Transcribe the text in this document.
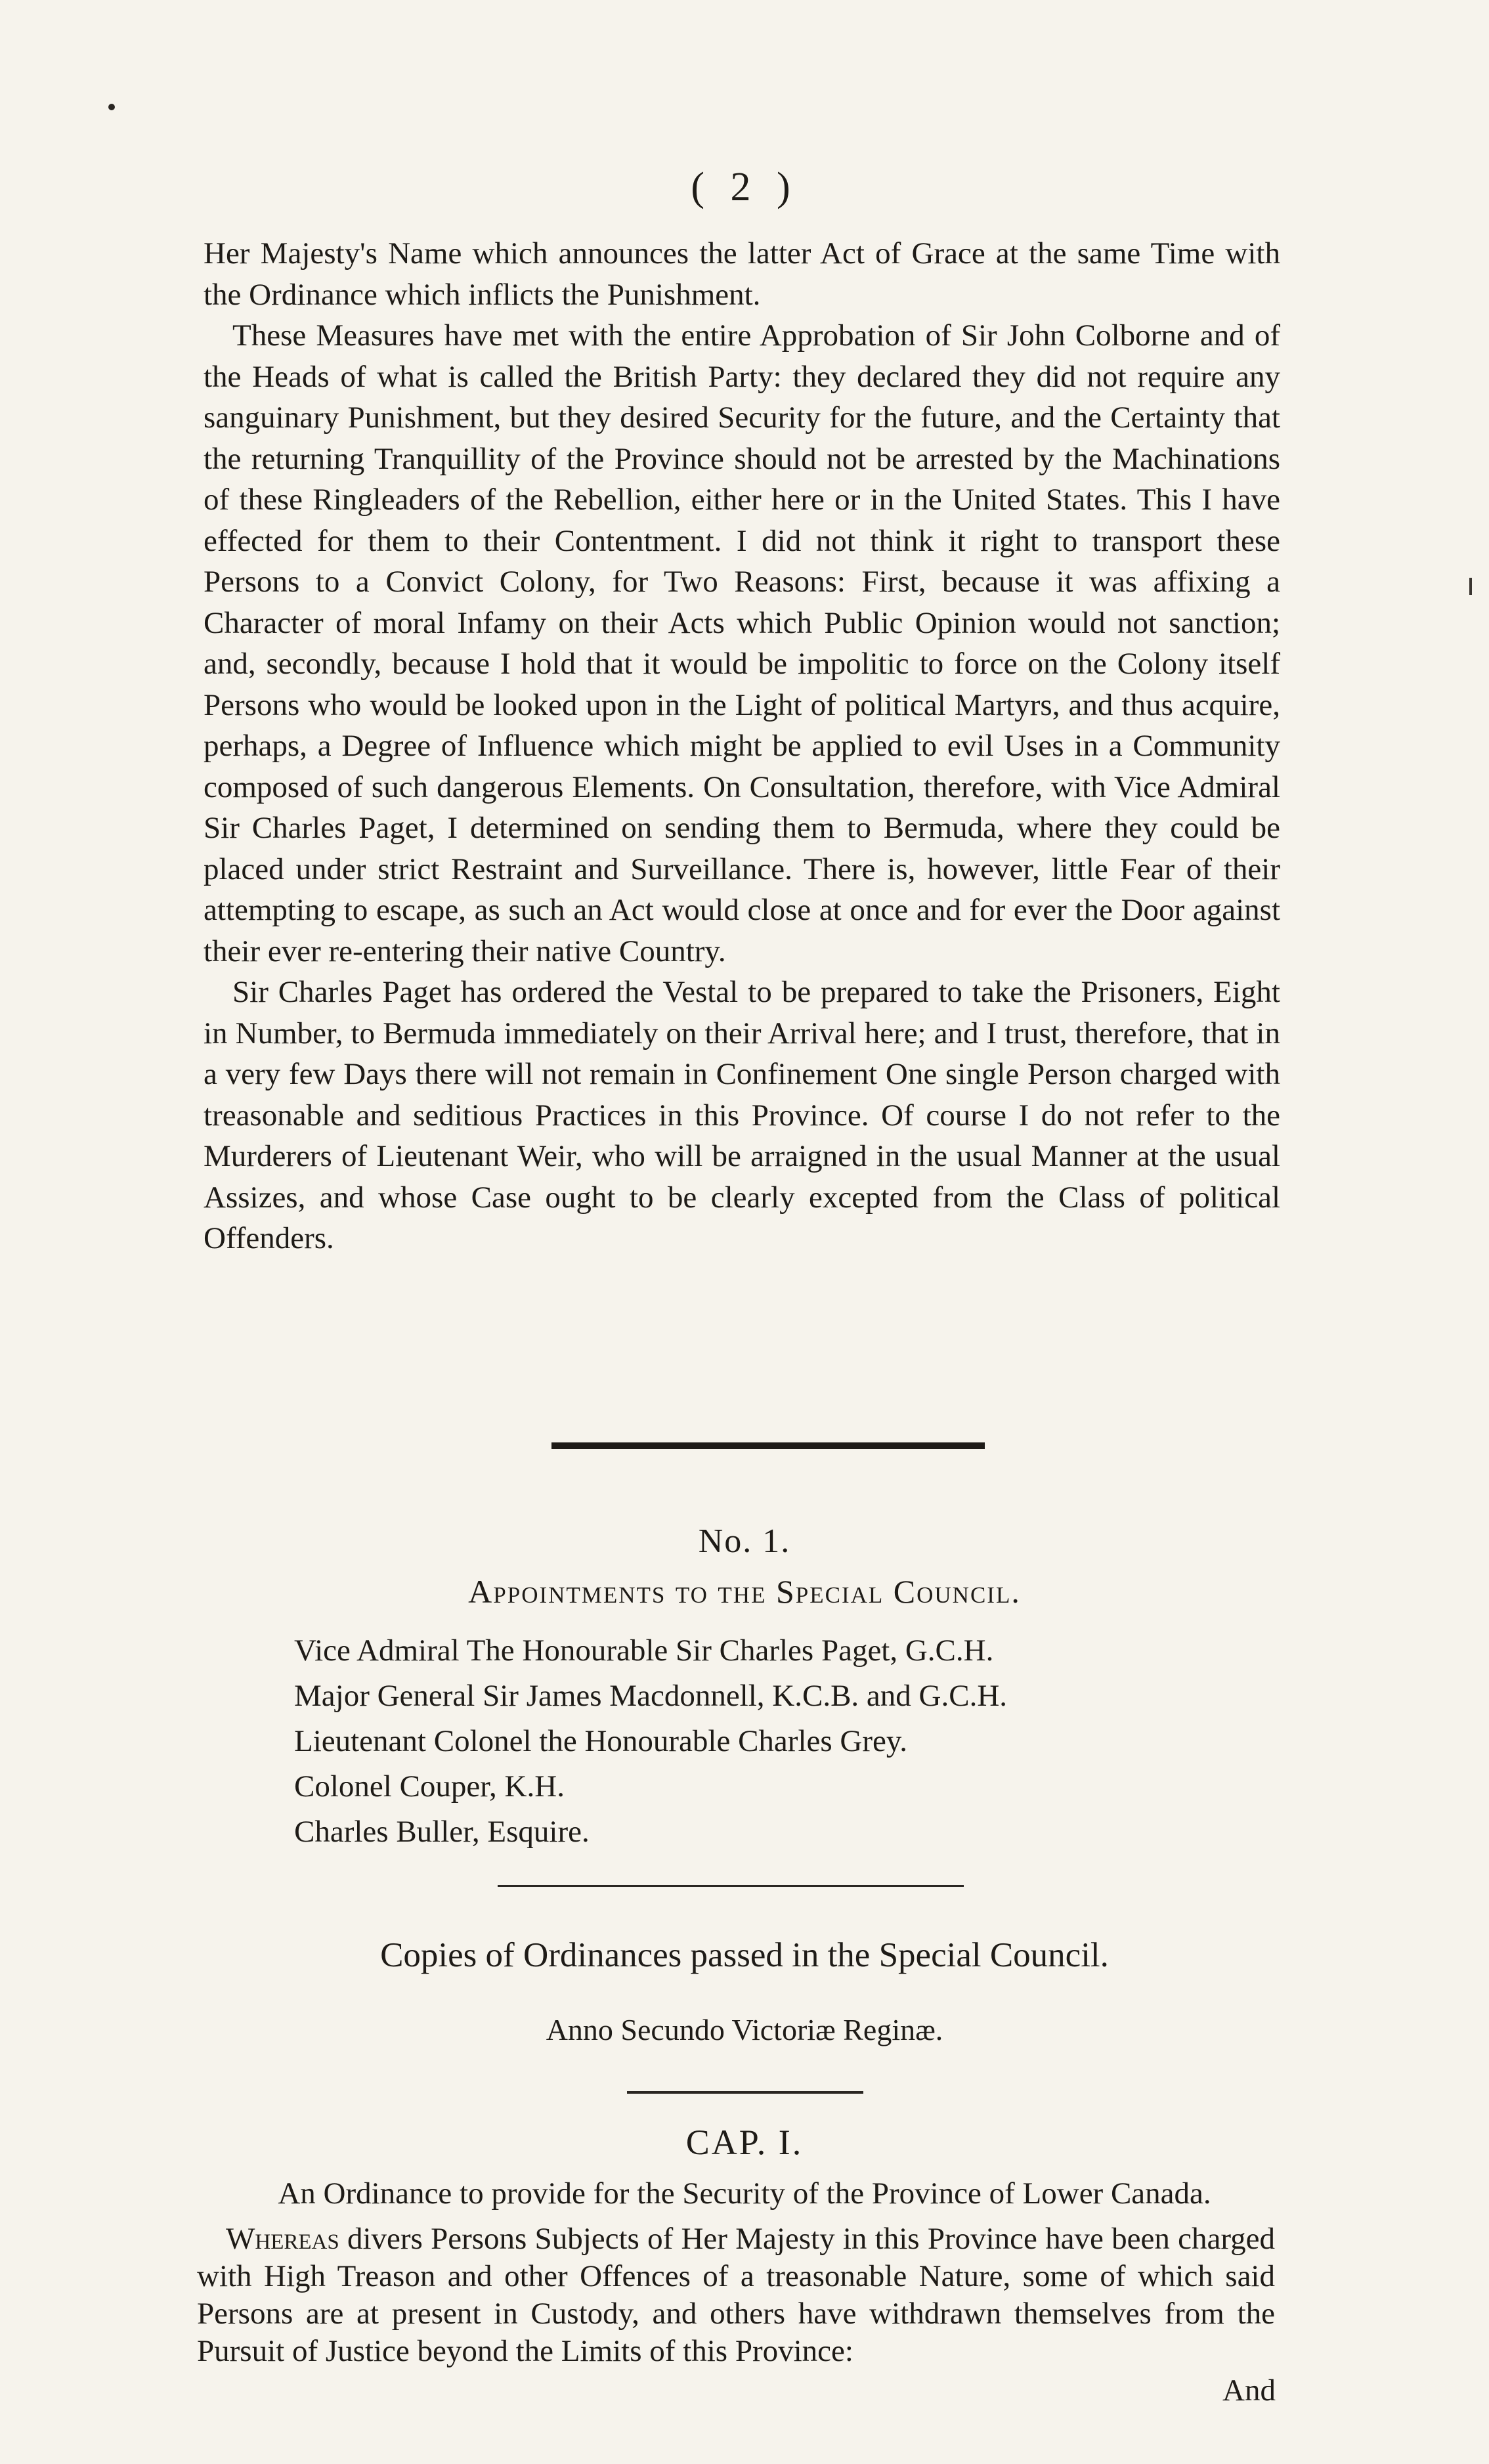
( 2 )

Her Majesty's Name which announces the latter Act of Grace at the same Time with the Ordinance which inflicts the Punishment.

These Measures have met with the entire Approbation of Sir John Colborne and of the Heads of what is called the British Party: they declared they did not require any sanguinary Punishment, but they desired Security for the future, and the Certainty that the returning Tranquillity of the Province should not be arrested by the Machinations of these Ringleaders of the Rebellion, either here or in the United States. This I have effected for them to their Contentment. I did not think it right to transport these Persons to a Convict Colony, for Two Reasons: First, because it was affixing a Character of moral Infamy on their Acts which Public Opinion would not sanction; and, secondly, because I hold that it would be impolitic to force on the Colony itself Persons who would be looked upon in the Light of political Martyrs, and thus acquire, perhaps, a Degree of Influence which might be applied to evil Uses in a Community composed of such dangerous Elements. On Consultation, therefore, with Vice Admiral Sir Charles Paget, I determined on sending them to Bermuda, where they could be placed under strict Restraint and Surveillance. There is, however, little Fear of their attempting to escape, as such an Act would close at once and for ever the Door against their ever re-entering their native Country.

Sir Charles Paget has ordered the Vestal to be prepared to take the Prisoners, Eight in Number, to Bermuda immediately on their Arrival here; and I trust, therefore, that in a very few Days there will not remain in Confinement One single Person charged with treasonable and seditious Practices in this Province. Of course I do not refer to the Murderers of Lieutenant Weir, who will be arraigned in the usual Manner at the usual Assizes, and whose Case ought to be clearly excepted from the Class of political Offenders.

No. 1.

Appointments to the Special Council.

Vice Admiral The Honourable Sir Charles Paget, G.C.H.
Major General Sir James Macdonnell, K.C.B. and G.C.H.
Lieutenant Colonel the Honourable Charles Grey.
Colonel Couper, K.H.
Charles Buller, Esquire.

Copies of Ordinances passed in the Special Council.

Anno Secundo Victoriæ Reginæ.

CAP. I.

An Ordinance to provide for the Security of the Province of Lower Canada.

Whereas divers Persons Subjects of Her Majesty in this Province have been charged with High Treason and other Offences of a treasonable Nature, some of which said Persons are at present in Custody, and others have withdrawn themselves from the Pursuit of Justice beyond the Limits of this Province:

And
